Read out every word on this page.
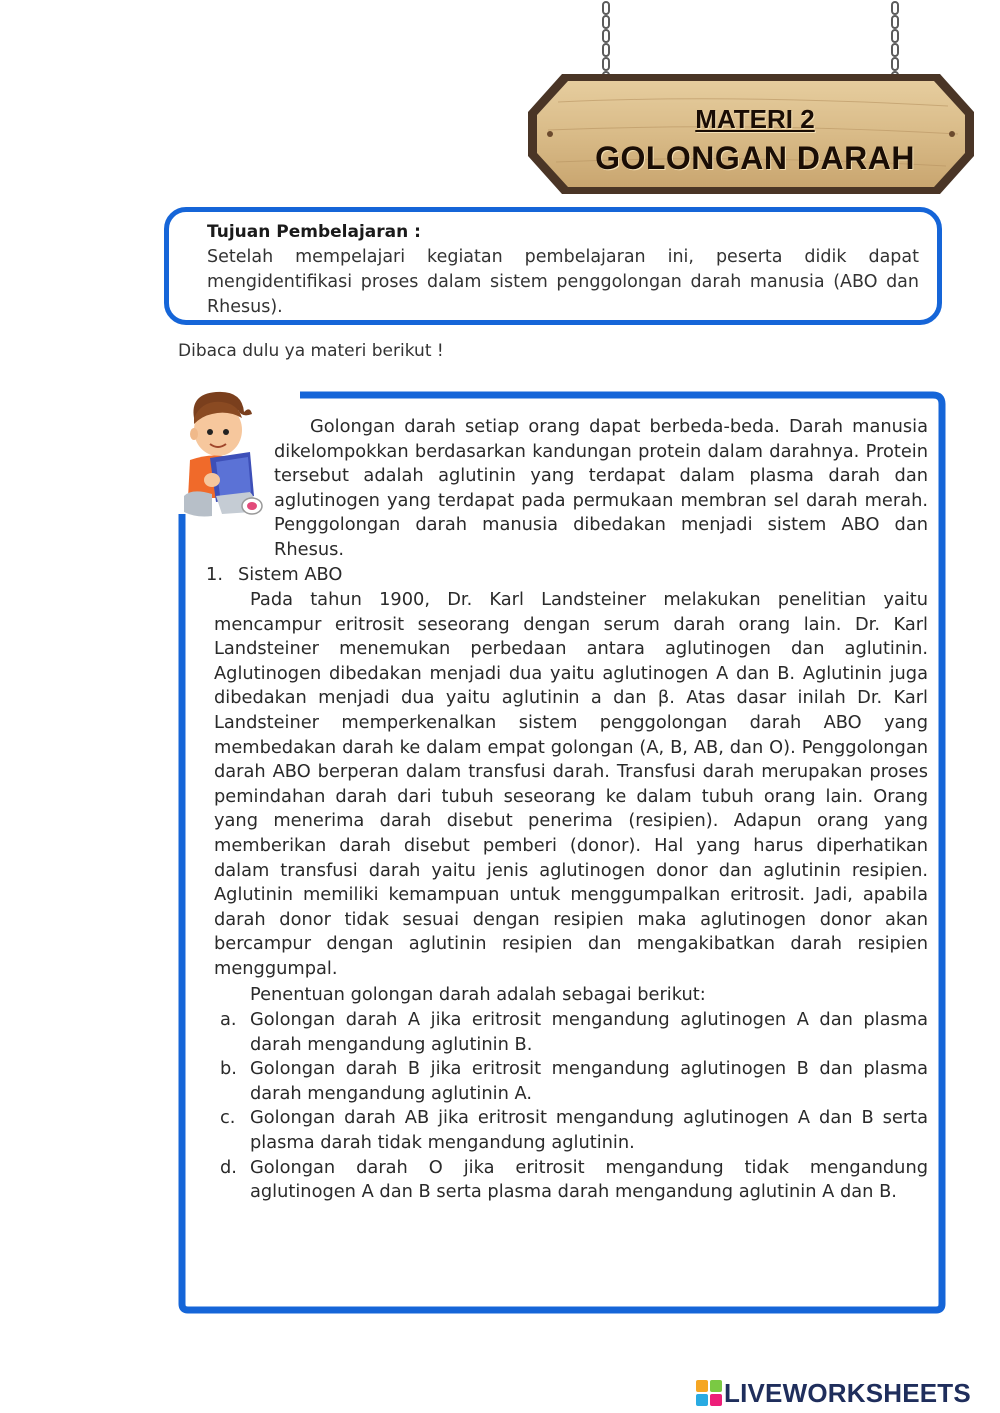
MATERI 2
GOLONGAN DARAH
Tujuan Pembelajaran :
Setelah mempelajari kegiatan pembelajaran ini, peserta didik dapat mengidentifikasi proses dalam sistem penggolongan darah manusia (ABO dan Rhesus).
Dibaca dulu ya materi berikut !
Golongan darah setiap orang dapat berbeda-beda. Darah manusia dikelompokkan berdasarkan kandungan protein dalam darahnya. Protein tersebut adalah aglutinin yang terdapat dalam plasma darah dan aglutinogen yang terdapat pada permukaan membran sel darah merah. Penggolongan darah manusia dibedakan menjadi sistem ABO dan Rhesus.
1. Sistem ABO
Pada tahun 1900, Dr. Karl Landsteiner melakukan penelitian yaitu mencampur eritrosit seseorang dengan serum darah orang lain. Dr. Karl Landsteiner menemukan perbedaan antara aglutinogen dan aglutinin. Aglutinogen dibedakan menjadi dua yaitu aglutinogen A dan B. Aglutinin juga dibedakan menjadi dua yaitu aglutinin a dan β. Atas dasar inilah Dr. Karl Landsteiner memperkenalkan sistem penggolongan darah ABO yang membedakan darah ke dalam empat golongan (A, B, AB, dan O). Penggolongan darah ABO berperan dalam transfusi darah. Transfusi darah merupakan proses pemindahan darah dari tubuh seseorang ke dalam tubuh orang lain. Orang yang menerima darah disebut penerima (resipien). Adapun orang yang memberikan darah disebut pemberi (donor). Hal yang harus diperhatikan dalam transfusi darah yaitu jenis aglutinogen donor dan aglutinin resipien. Aglutinin memiliki kemampuan untuk menggumpalkan eritrosit. Jadi, apabila darah donor tidak sesuai dengan resipien maka aglutinogen donor akan bercampur dengan aglutinin resipien dan mengakibatkan darah resipien menggumpal.
Penentuan golongan darah adalah sebagai berikut:
a. Golongan darah A jika eritrosit mengandung aglutinogen A dan plasma darah mengandung aglutinin B.
b. Golongan darah B jika eritrosit mengandung aglutinogen B dan plasma darah mengandung aglutinin A.
c. Golongan darah AB jika eritrosit mengandung aglutinogen A dan B serta plasma darah tidak mengandung aglutinin.
d. Golongan darah O jika eritrosit mengandung tidak mengandung aglutinogen A dan B serta plasma darah mengandung aglutinin A dan B.
LIVEWORKSHEETS
